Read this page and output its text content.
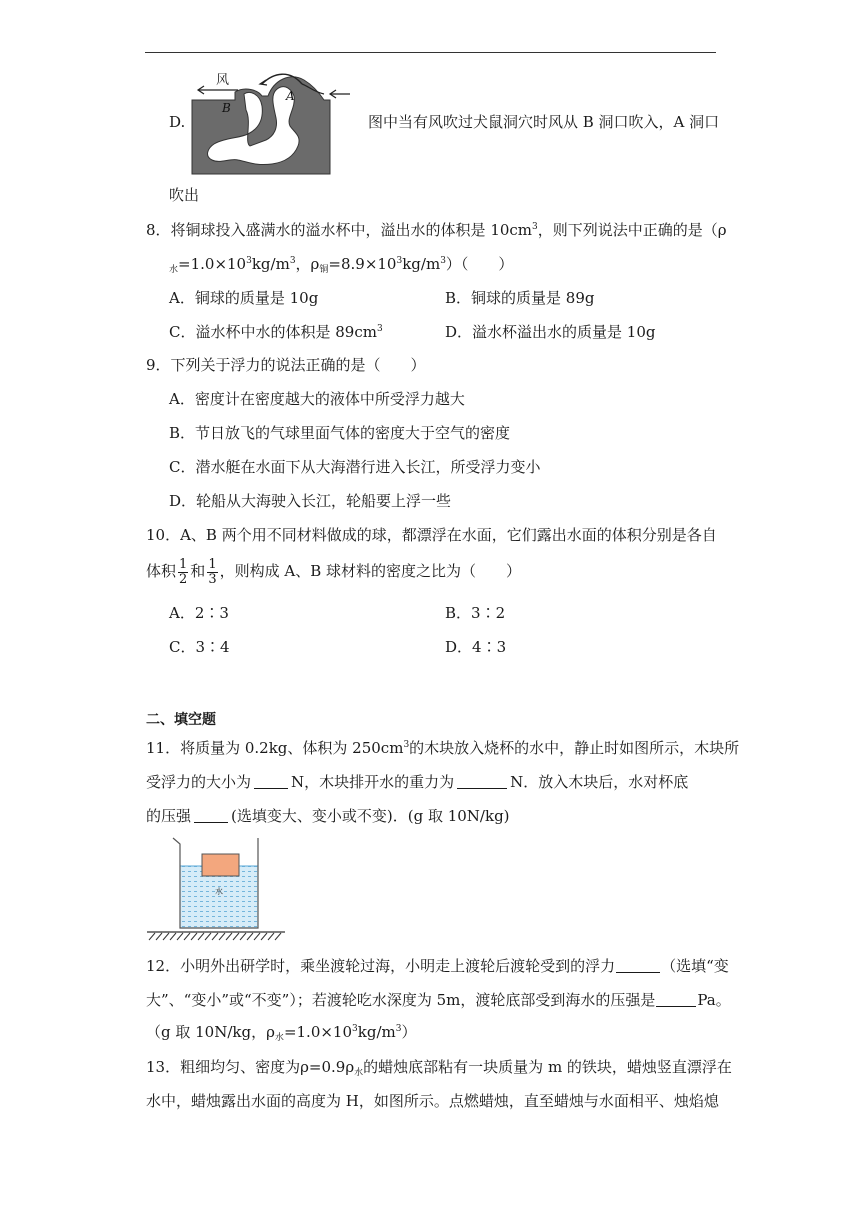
D.
风
B
A
图中当有风吹过犬鼠洞穴时风从 B 洞口吹入，A 洞口
吹出
8．将铜球投入盛满水的溢水杯中，溢出水的体积是 $10cm^3$，则下列说法中正确的是（ρ
$_水=1.0\times 10^3kg/m^3$，$\rho_铜=8.9\times 10^3kg/m^3$）（　　）
A．铜球的质量是 10g	B．铜球的质量是 89g
C．溢水杯中水的体积是 $89cm^3$	D．溢水杯溢出水的质量是 10g
9．下列关于浮力的说法正确的是（　　）
A．密度计在密度越大的液体中所受浮力越大
B．节日放飞的气球里面气体的密度大于空气的密度
C．潜水艇在水面下从大海潜行进入长江，所受浮力变小
D．轮船从大海驶入长江，轮船要上浮一些
10．A、B 两个用不同材料做成的球，都漂浮在水面，它们露出水面的体积分别是各自
体积 $\frac{1}{2}$ 和 $\frac{1}{3}$ ，则构成 A、B 球材料的密度之比为（　　）
A．2∶3	B．3∶2
C．3∶4	D．4∶3
二、填空题
11．将质量为 0.2kg、体积为 $250cm^3$的木块放入烧杯的水中，静止时如图所示，木块所
受浮力的大小为	N，木块排开水的重力为	N．放入木块后，水对杯底
的压强	(选填变大、变小或不变)．(g 取 10N/kg)
水
12．小明外出研学时，乘坐渡轮过海，小明走上渡轮后渡轮受到的浮力	（选填“变
大”、“变小”或“不变”）；若渡轮吃水深度为 5m，渡轮底部受到海水的压强是	Pa。
（g 取 10N/kg，$\rho_水=1.0\times 10^3kg/m^3$）
13．粗细均匀、密度为$\rho=0.9\rho_水$的蜡烛底部粘有一块质量为 m 的铁块，蜡烛竖直漂浮在
水中，蜡烛露出水面的高度为 H，如图所示。点燃蜡烛，直至蜡烛与水面相平、烛焰熄
